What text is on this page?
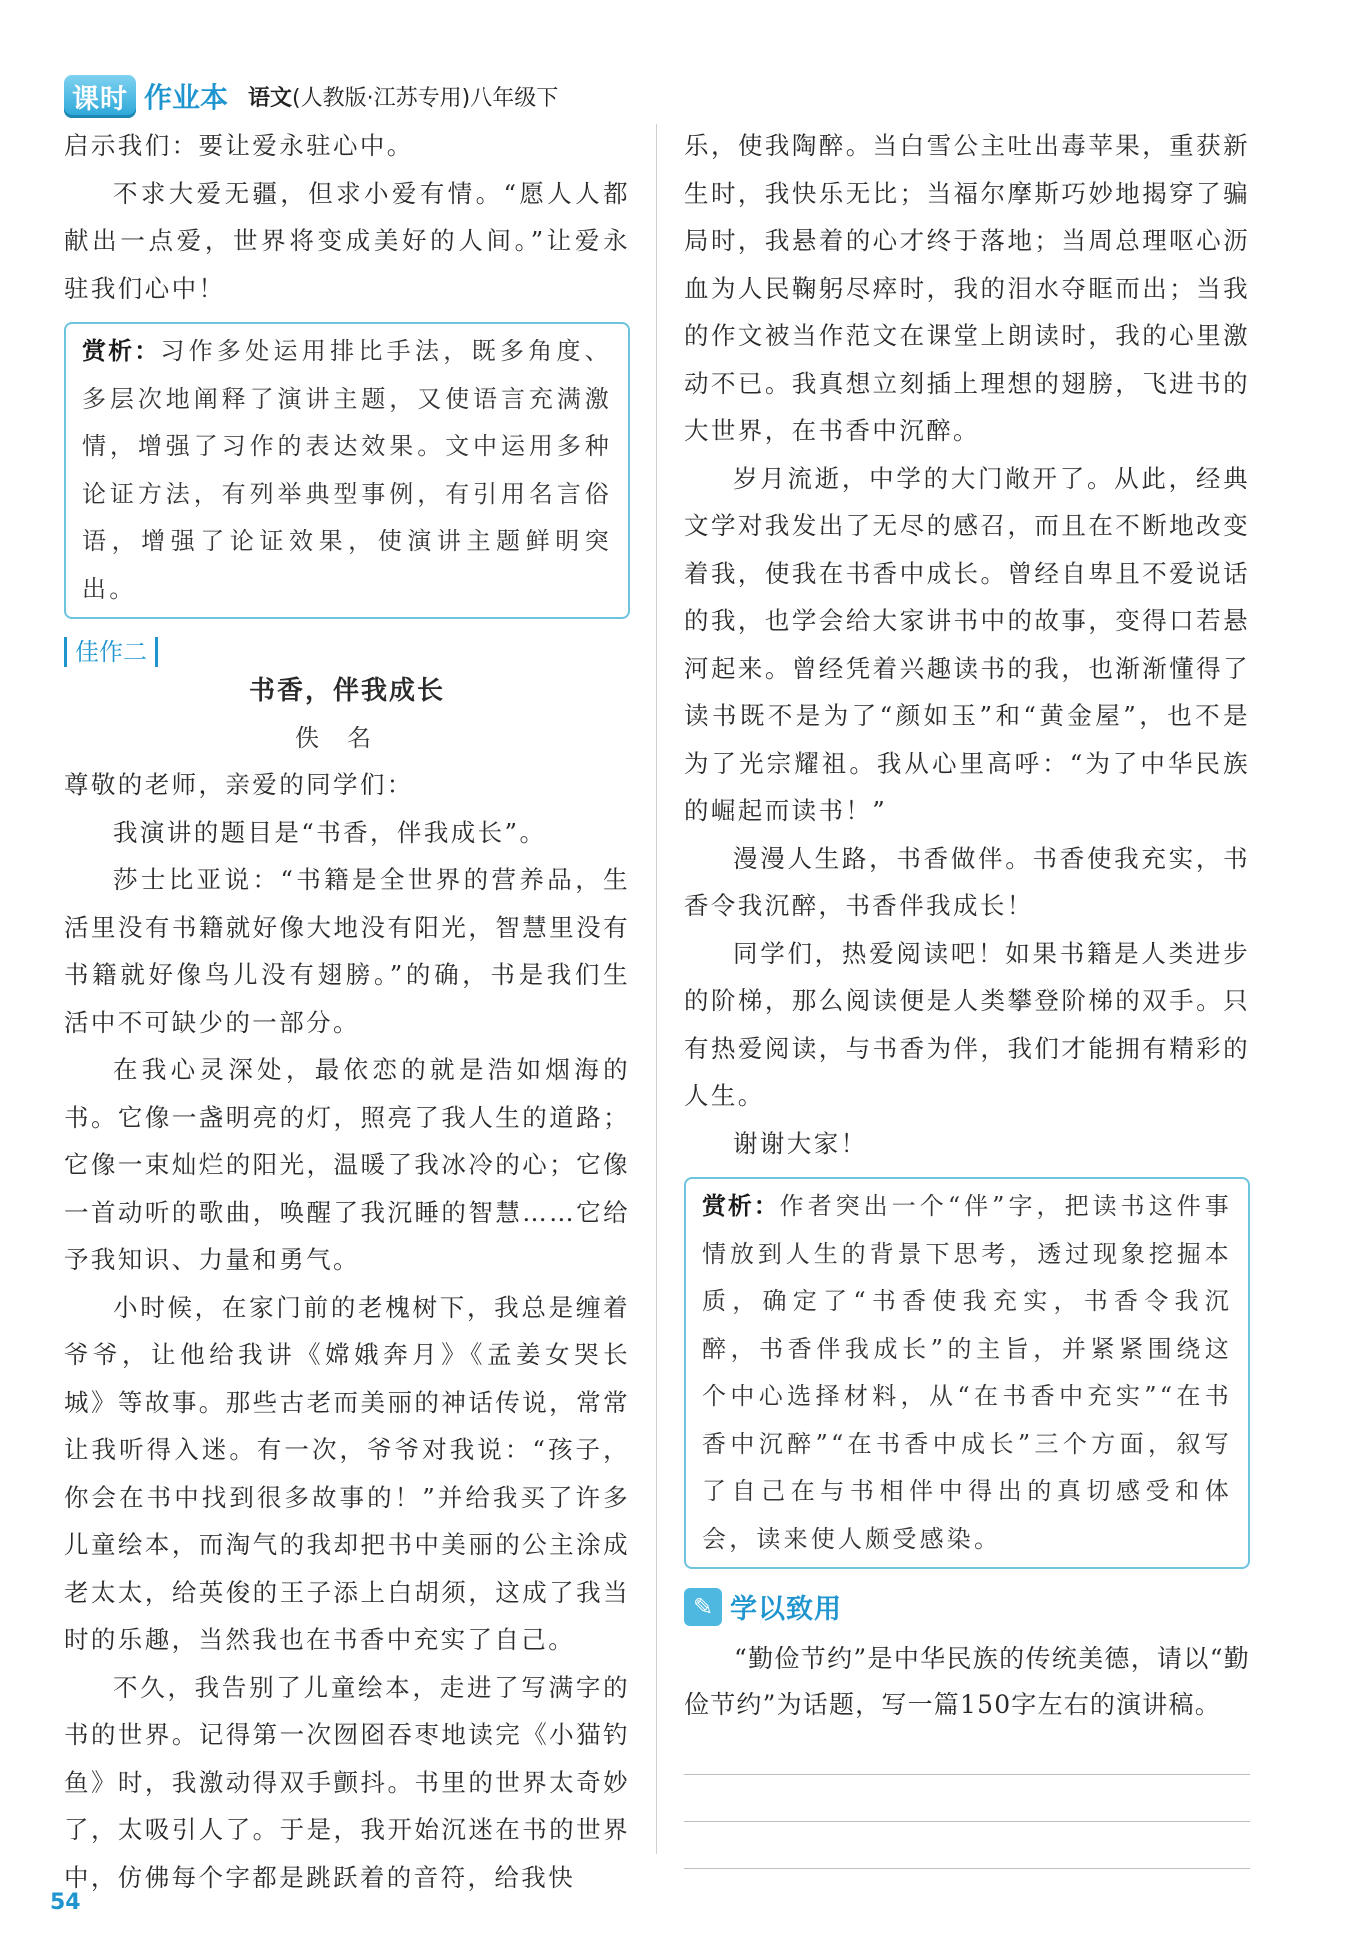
课时 作业本 语文(人教版·江苏专用)八年级下

启示我们：要让爱永驻心中。

不求大爱无疆，但求小爱有情。“愿人人都献出一点爱，世界将变成美好的人间。”让爱永驻我们心中！

赏析：习作多处运用排比手法，既多角度、多层次地阐释了演讲主题，又使语言充满激情，增强了习作的表达效果。文中运用多种论证方法，有列举典型事例，有引用名言俗语，增强了论证效果，使演讲主题鲜明突出。

佳作二
书香，伴我成长
佚名

尊敬的老师，亲爱的同学们：

我演讲的题目是“书香，伴我成长”。

莎士比亚说：“书籍是全世界的营养品，生活里没有书籍就好像大地没有阳光，智慧里没有书籍就好像鸟儿没有翅膀。”的确，书是我们生活中不可缺少的一部分。

在我心灵深处，最依恋的就是浩如烟海的书。它像一盏明亮的灯，照亮了我人生的道路；它像一束灿烂的阳光，温暖了我冰冷的心；它像一首动听的歌曲，唤醒了我沉睡的智慧……它给予我知识、力量和勇气。

小时候，在家门前的老槐树下，我总是缠着爷爷，让他给我讲《嫦娥奔月》《孟姜女哭长城》等故事。那些古老而美丽的神话传说，常常让我听得入迷。有一次，爷爷对我说：“孩子，你会在书中找到很多故事的！”并给我买了许多儿童绘本，而淘气的我却把书中美丽的公主涂成老太太，给英俊的王子添上白胡须，这成了我当时的乐趣，当然我也在书香中充实了自己。

不久，我告别了儿童绘本，走进了写满字的书的世界。记得第一次囫囵吞枣地读完《小猫钓鱼》时，我激动得双手颤抖。书里的世界太奇妙了，太吸引人了。于是，我开始沉迷在书的世界中，仿佛每个字都是跳跃着的音符，给我快

乐，使我陶醉。当白雪公主吐出毒苹果，重获新生时，我快乐无比；当福尔摩斯巧妙地揭穿了骗局时，我悬着的心才终于落地；当周总理呕心沥血为人民鞠躬尽瘁时，我的泪水夺眶而出；当我的作文被当作范文在课堂上朗读时，我的心里激动不已。我真想立刻插上理想的翅膀，飞进书的大世界，在书香中沉醉。

岁月流逝，中学的大门敞开了。从此，经典文学对我发出了无尽的感召，而且在不断地改变着我，使我在书香中成长。曾经自卑且不爱说话的我，也学会给大家讲书中的故事，变得口若悬河起来。曾经凭着兴趣读书的我，也渐渐懂得了读书既不是为了“颜如玉”和“黄金屋”，也不是为了光宗耀祖。我从心里高呼：“为了中华民族的崛起而读书！”

漫漫人生路，书香做伴。书香使我充实，书香令我沉醉，书香伴我成长！

同学们，热爱阅读吧！如果书籍是人类进步的阶梯，那么阅读便是人类攀登阶梯的双手。只有热爱阅读，与书香为伴，我们才能拥有精彩的人生。

谢谢大家！

赏析：作者突出一个“伴”字，把读书这件事情放到人生的背景下思考，透过现象挖掘本质，确定了“书香使我充实，书香令我沉醉，书香伴我成长”的主旨，并紧紧围绕这个中心选择材料，从“在书香中充实”“在书香中沉醉”“在书香中成长”三个方面，叙写了自己在与书相伴中得出的真切感受和体会，读来使人颇受感染。

✎ 学以致用

“勤俭节约”是中华民族的传统美德，请以“勤俭节约”为话题，写一篇150字左右的演讲稿。

54
